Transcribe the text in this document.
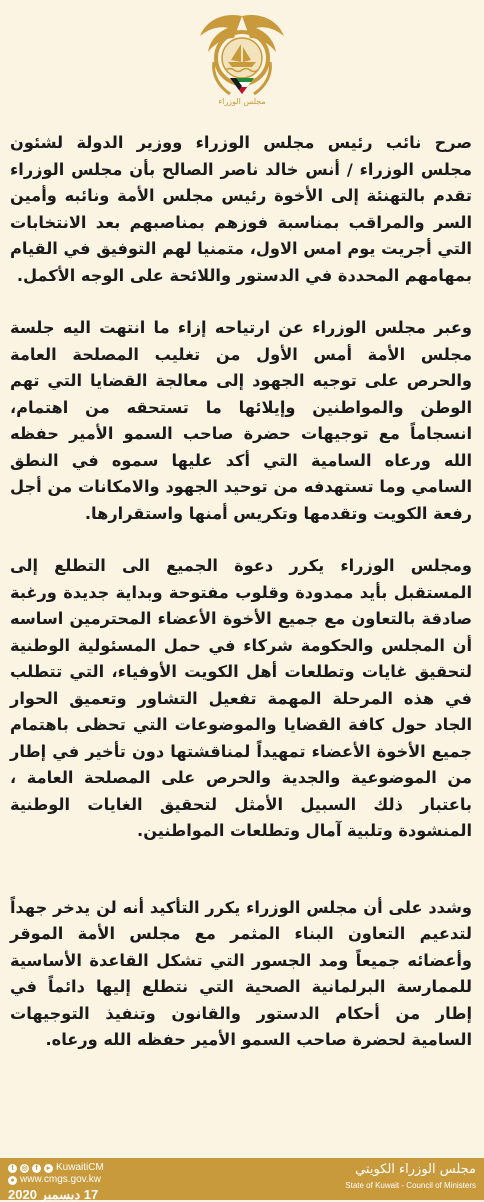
مجلس الوزراء

صرح نائب رئيس مجلس الوزراء ووزير الدولة لشئون مجلس الوزراء / أنس خالد ناصر الصالح بأن مجلس الوزراء تقدم بالتهنئة إلى الأخوة رئيس مجلس الأمة ونائبه وأمين السر والمراقب بمناسبة فوزهم بمناصبهم بعد الانتخابات التي أجريت يوم امس الاول، متمنيا لهم التوفيق في القيام بمهامهم المحددة في الدستور واللائحة على الوجه الأكمل.

وعبر مجلس الوزراء عن ارتياحه إزاء ما انتهت اليه جلسة مجلس الأمة أمس الأول من تغليب المصلحة العامة والحرص على توجيه الجهود إلى معالجة القضايا التي تهم الوطن والمواطنين وإيلائها ما تستحقه من اهتمام، انسجاماً مع توجيهات حضرة صاحب السمو الأمير حفظه الله ورعاه السامية التي أكد عليها سموه في النطق السامي وما تستهدفه من توحيد الجهود والامكانات من أجل رفعة الكويت وتقدمها وتكريس أمنها واستقرارها.

ومجلس الوزراء يكرر دعوة الجميع الى التطلع إلى المستقبل بأيد ممدودة وقلوب مفتوحة وبداية جديدة ورغبة صادقة بالتعاون مع جميع الأخوة الأعضاء المحترمين اساسه أن المجلس والحكومة شركاء في حمل المسئولية الوطنية لتحقيق غايات وتطلعات أهل الكويت الأوفياء، التي تتطلب في هذه المرحلة المهمة تفعيل التشاور وتعميق الحوار الجاد حول كافة القضايا والموضوعات التي تحظى باهتمام جميع الأخوة الأعضاء تمهيداً لمناقشتها دون تأخير في إطار من الموضوعية والجدية والحرص على المصلحة العامة ، باعتبار ذلك السبيل الأمثل لتحقيق الغايات الوطنية المنشودة وتلبية آمال وتطلعات المواطنين.

وشدد على أن مجلس الوزراء يكرر التأكيد أنه لن يدخر جهداً لتدعيم التعاون البناء المثمر مع مجلس الأمة الموقر وأعضائه جميعاً ومد الجسور التي تشكل القاعدة الأساسية للممارسة البرلمانية الصحية التي نتطلع إليها دائماً في إطار من أحكام الدستور والقانون وتنفيذ التوجيهات السامية لحضرة صاحب السمو الأمير حفظه الله ورعاه.

t	◎	f	▸ KuwaitiCM
● www.cmgs.gov.kw
17 ديسمبر 2020
مجلس الوزراء الكويتي
State of Kuwait - Council of Ministers
